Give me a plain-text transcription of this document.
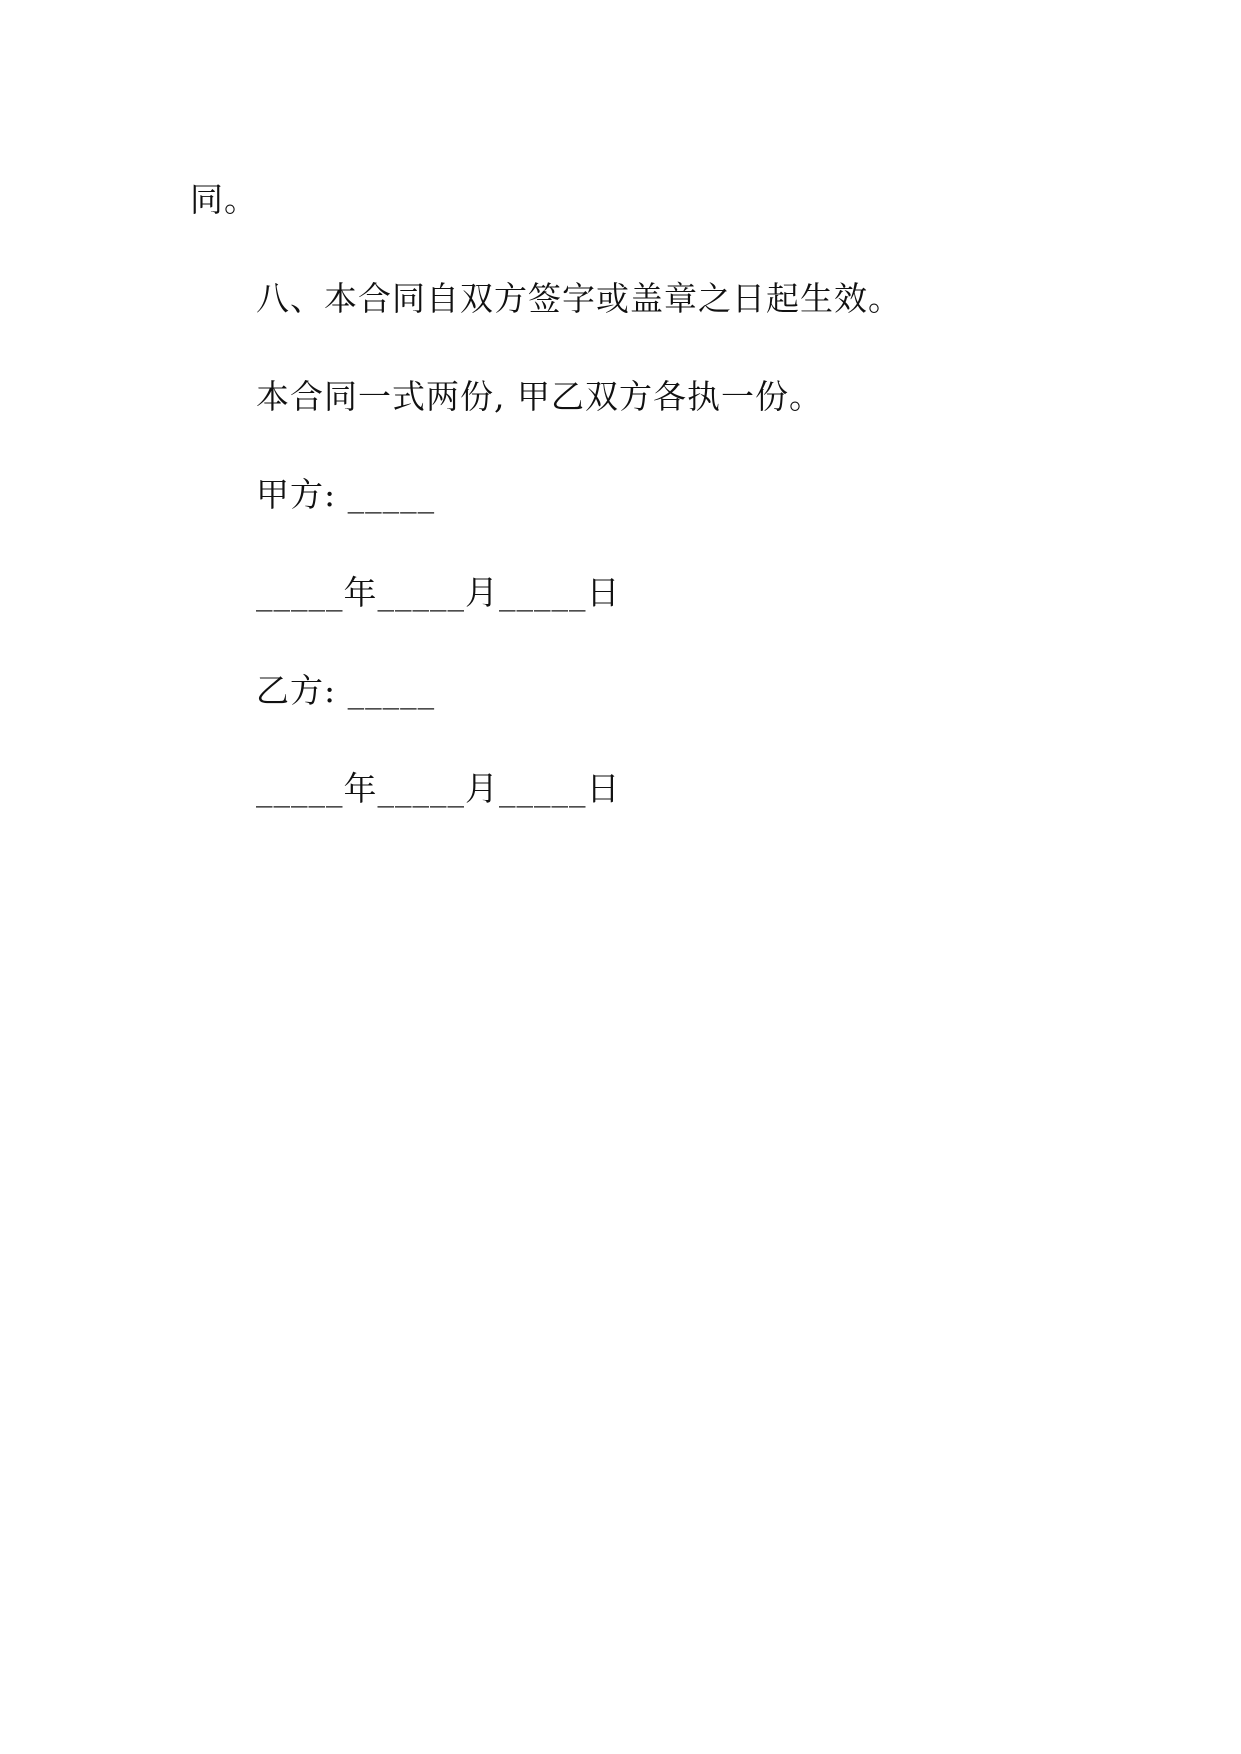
同。
八、本合同自双方签字或盖章之日起生效。
本合同一式两份, 甲乙双方各执一份。
甲方: _____
_____年_____月_____日
乙方: _____
_____年_____月_____日
